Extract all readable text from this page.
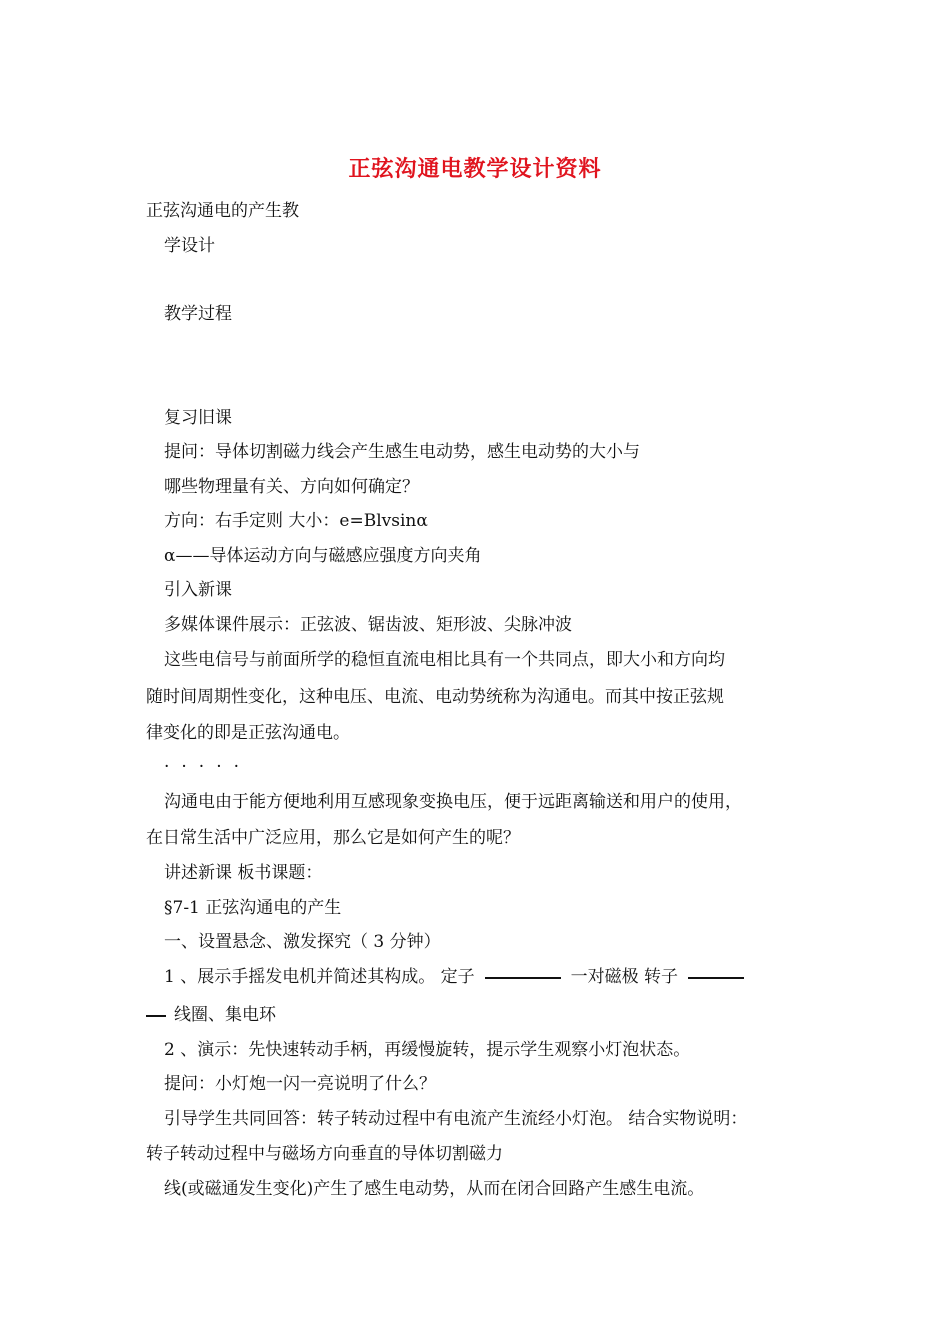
正弦沟通电教学设计资料
正弦沟通电的产生教
学设计
教学过程
复习旧课
提问：导体切割磁力线会产生感生电动势，感生电动势的大小与
哪些物理量有关、方向如何确定？
方向：右手定则 大小：e=Blvsinα
α——导体运动方向与磁感应强度方向夹角
引入新课
多媒体课件展示：正弦波、锯齿波、矩形波、尖脉冲波
这些电信号与前面所学的稳恒直流电相比具有一个共同点，即大小和方向均
随时间周期性变化，这种电压、电流、电动势统称为沟通电。而其中按正弦规
律变化的即是正弦沟通电。
·····
沟通电由于能方便地利用互感现象变换电压，便于远距离输送和用户的使用，
在日常生活中广泛应用，那么它是如何产生的呢？
讲述新课 板书课题：
§7-1 正弦沟通电的产生
一、设置悬念、激发探究（ 3 分钟）
1 、展示手摇发电机并简述其构成。 定子	一对磁极 转子
线圈、集电环
2 、演示：先快速转动手柄，再缓慢旋转，提示学生观察小灯泡状态。
提问：小灯炮一闪一亮说明了什么？
引导学生共同回答：转子转动过程中有电流产生流经小灯泡。 结合实物说明：
转子转动过程中与磁场方向垂直的导体切割磁力
线(或磁通发生变化)产生了感生电动势，从而在闭合回路产生感生电流。
